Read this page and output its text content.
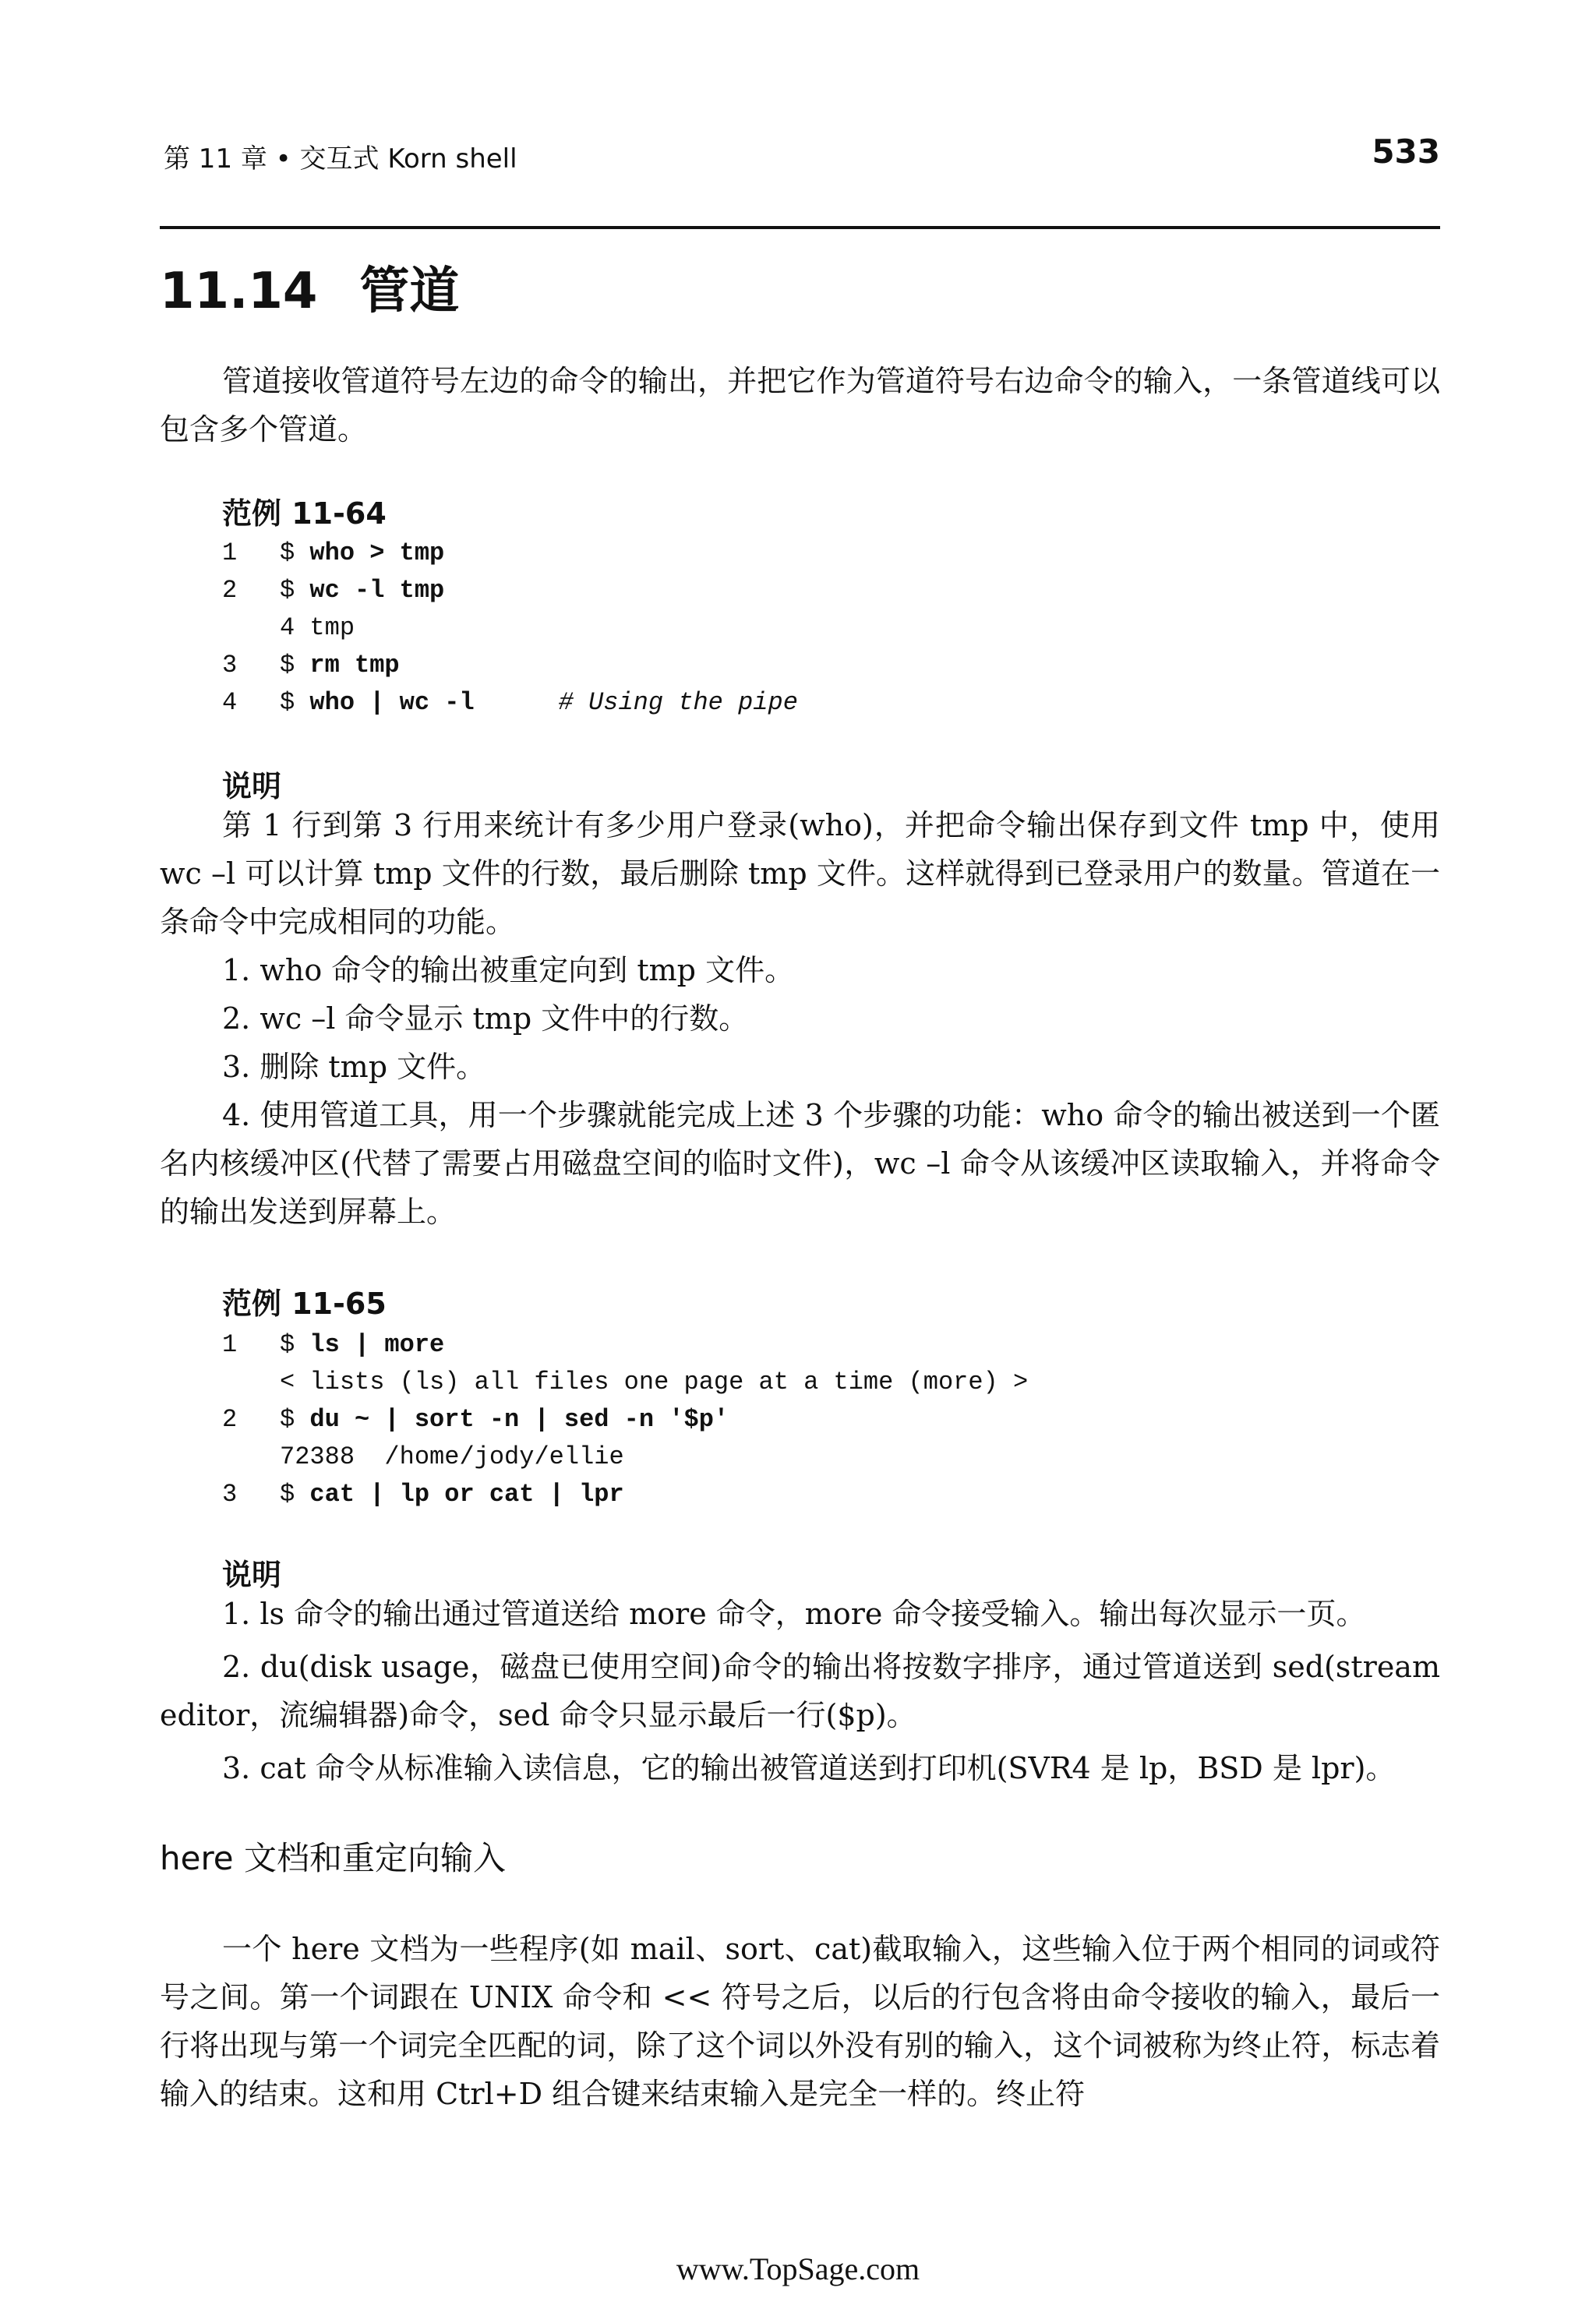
第 11 章 • 交互式 Korn shell	533
11.14 管道

管道接收管道符号左边的命令的输出，并把它作为管道符号右边命令的输入，一条管道线可以包含多个管道。

范例 11-64
1 $ who > tmp
2 $ wc -l tmp
4 tmp
3 $ rm tmp
4 $ who | wc -l	# Using the pipe
说明

第 1 行到第 3 行用来统计有多少用户登录(who)，并把命令输出保存到文件 tmp 中，使用 wc –l 可以计算 tmp 文件的行数，最后删除 tmp 文件。这样就得到已登录用户的数量。管道在一条命令中完成相同的功能。

1. who 命令的输出被重定向到 tmp 文件。
2. wc –l 命令显示 tmp 文件中的行数。
3. 删除 tmp 文件。
4. 使用管道工具，用一个步骤就能完成上述 3 个步骤的功能：who 命令的输出被送到一个匿名内核缓冲区(代替了需要占用磁盘空间的临时文件)，wc –l 命令从该缓冲区读取输入，并将命令的输出发送到屏幕上。
范例 11-65
1 $ ls | more
< lists (ls) all files one page at a time (more) >
2 $ du ~ | sort -n | sed -n '$p'
72388  /home/jody/ellie
3 $ cat | lp or cat | lpr
说明
1. ls 命令的输出通过管道送给 more 命令，more 命令接受输入。输出每次显示一页。
2. du(disk usage，磁盘已使用空间)命令的输出将按数字排序，通过管道送到 sed(stream editor，流编辑器)命令，sed 命令只显示最后一行($p)。
3. cat 命令从标准输入读信息，它的输出被管道送到打印机(SVR4 是 lp，BSD 是 lpr)。
here 文档和重定向输入

一个 here 文档为一些程序(如 mail、sort、cat)截取输入，这些输入位于两个相同的词或符号之间。第一个词跟在 UNIX 命令和 << 符号之后，以后的行包含将由命令接收的输入，最后一行将出现与第一个词完全匹配的词，除了这个词以外没有别的输入，这个词被称为终止符，标志着输入的结束。这和用 Ctrl+D 组合键来结束输入是完全一样的。终止符

www.TopSage.com
